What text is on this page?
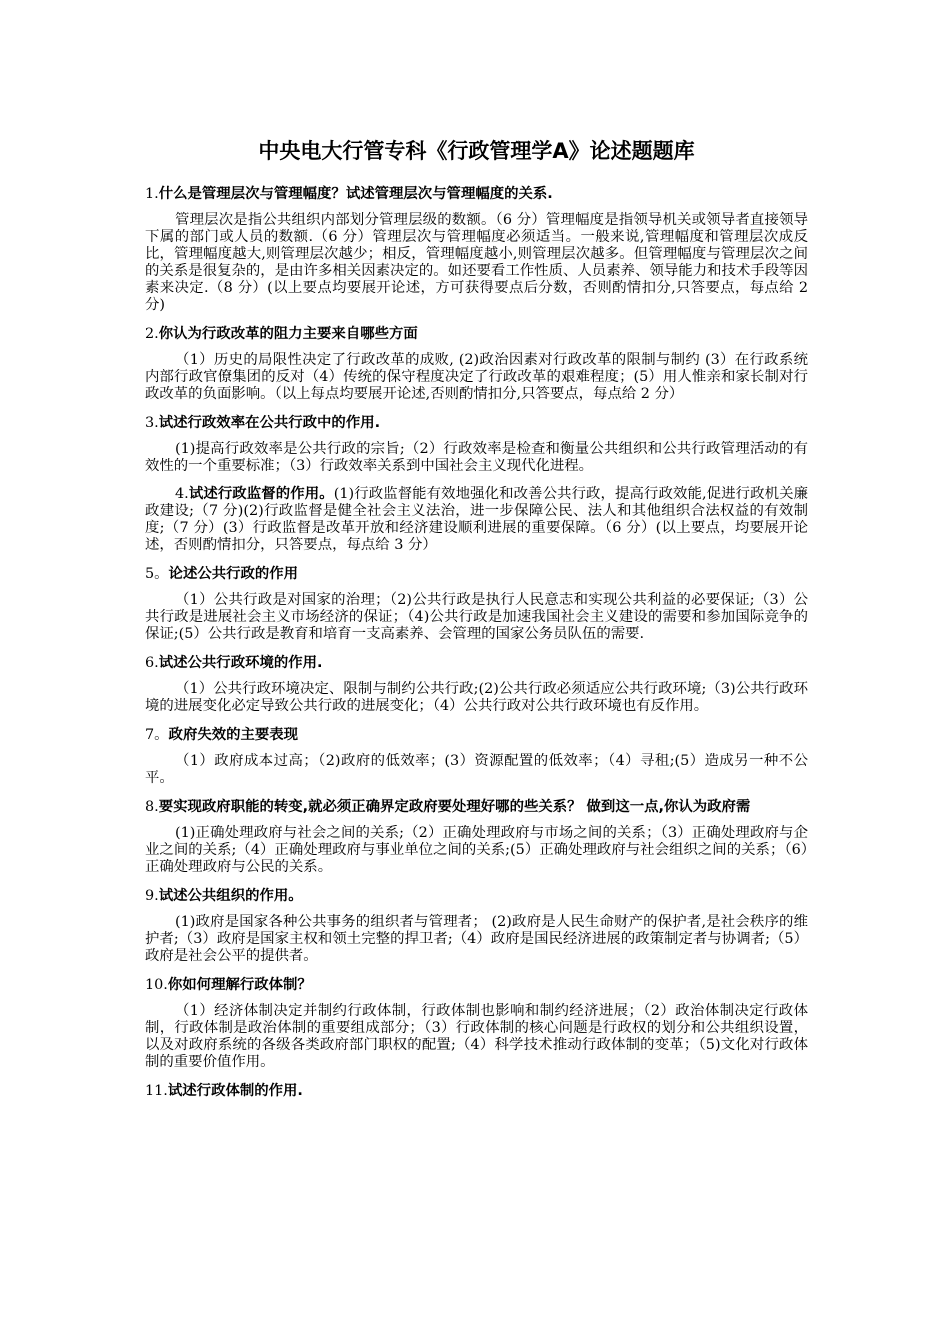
中央电大行管专科《行政管理学A》论述题题库
1.什么是管理层次与管理幅度？试述管理层次与管理幅度的关系.
管理层次是指公共组织内部划分管理层级的数额。（6 分）管理幅度是指领导机关或领导者直接领导下属的部门或人员的数额.（6 分）管理层次与管理幅度必须适当。一般来说,管理幅度和管理层次成反比，管理幅度越大,则管理层次越少；相反，管理幅度越小,则管理层次越多。但管理幅度与管理层次之间的关系是很复杂的，是由许多相关因素决定的。如还要看工作性质、人员素养、领导能力和技术手段等因素来决定.（8 分）(以上要点均要展开论述，方可获得要点后分数，否则酌情扣分,只答要点，每点给 2 分)
2.你认为行政改革的阻力主要来自哪些方面
（1）历史的局限性决定了行政改革的成败, (2)政治因素对行政改革的限制与制约 (3）在行政系统内部行政官僚集团的反对（4）传统的保守程度决定了行政改革的艰难程度；(5）用人惟亲和家长制对行政改革的负面影响。（以上每点均要展开论述,否则酌情扣分,只答要点，每点给 2 分）
3.试述行政效率在公共行政中的作用.
(1)提高行政效率是公共行政的宗旨;（2）行政效率是检查和衡量公共组织和公共行政管理活动的有效性的一个重要标准；（3）行政效率关系到中国社会主义现代化进程。
4.试述行政监督的作用。(1)行政监督能有效地强化和改善公共行政，提高行政效能,促进行政机关廉政建设;（7 分)(2)行政监督是健全社会主义法治，进一步保障公民、法人和其他组织合法权益的有效制度;（7 分）(3）行政监督是改革开放和经济建设顺利进展的重要保障。（6 分）(以上要点，均要展开论述，否则酌情扣分，只答要点，每点给 3 分）
5。论述公共行政的作用
（1）公共行政是对国家的治理；（2)公共行政是执行人民意志和实现公共利益的必要保证;（3）公共行政是进展社会主义市场经济的保证；（4)公共行政是加速我国社会主义建设的需要和参加国际竞争的保证;(5）公共行政是教育和培育一支高素养、会管理的国家公务员队伍的需要.
6.试述公共行政环境的作用.
（1）公共行政环境决定、限制与制约公共行政;(2)公共行政必须适应公共行政环境;（3)公共行政环境的进展变化必定导致公共行政的进展变化；（4）公共行政对公共行政环境也有反作用。
7。政府失效的主要表现
（1）政府成本过高；（2)政府的低效率；(3）资源配置的低效率；（4）寻租;(5）造成另一种不公平。
8.要实现政府职能的转变,就必须正确界定政府要处理好哪的些关系？ 做到这一点,你认为政府需
(1)正确处理政府与社会之间的关系;（2）正确处理政府与市场之间的关系；（3）正确处理政府与企业之间的关系;（4）正确处理政府与事业单位之间的关系;(5）正确处理政府与社会组织之间的关系；（6）正确处理政府与公民的关系。
9.试述公共组织的作用。
(1)政府是国家各种公共事务的组织者与管理者； (2)政府是人民生命财产的保护者,是社会秩序的维护者;（3）政府是国家主权和领土完整的捍卫者;（4）政府是国民经济进展的政策制定者与协调者;（5）政府是社会公平的提供者。
10.你如何理解行政体制？
（1）经济体制决定并制约行政体制，行政体制也影响和制约经济进展；（2）政治体制决定行政体制，行政体制是政治体制的重要组成部分；（3）行政体制的核心问题是行政权的划分和公共组织设置，以及对政府系统的各级各类政府部门职权的配置;（4）科学技术推动行政体制的变革；（5)文化对行政体制的重要价值作用。
11.试述行政体制的作用.
